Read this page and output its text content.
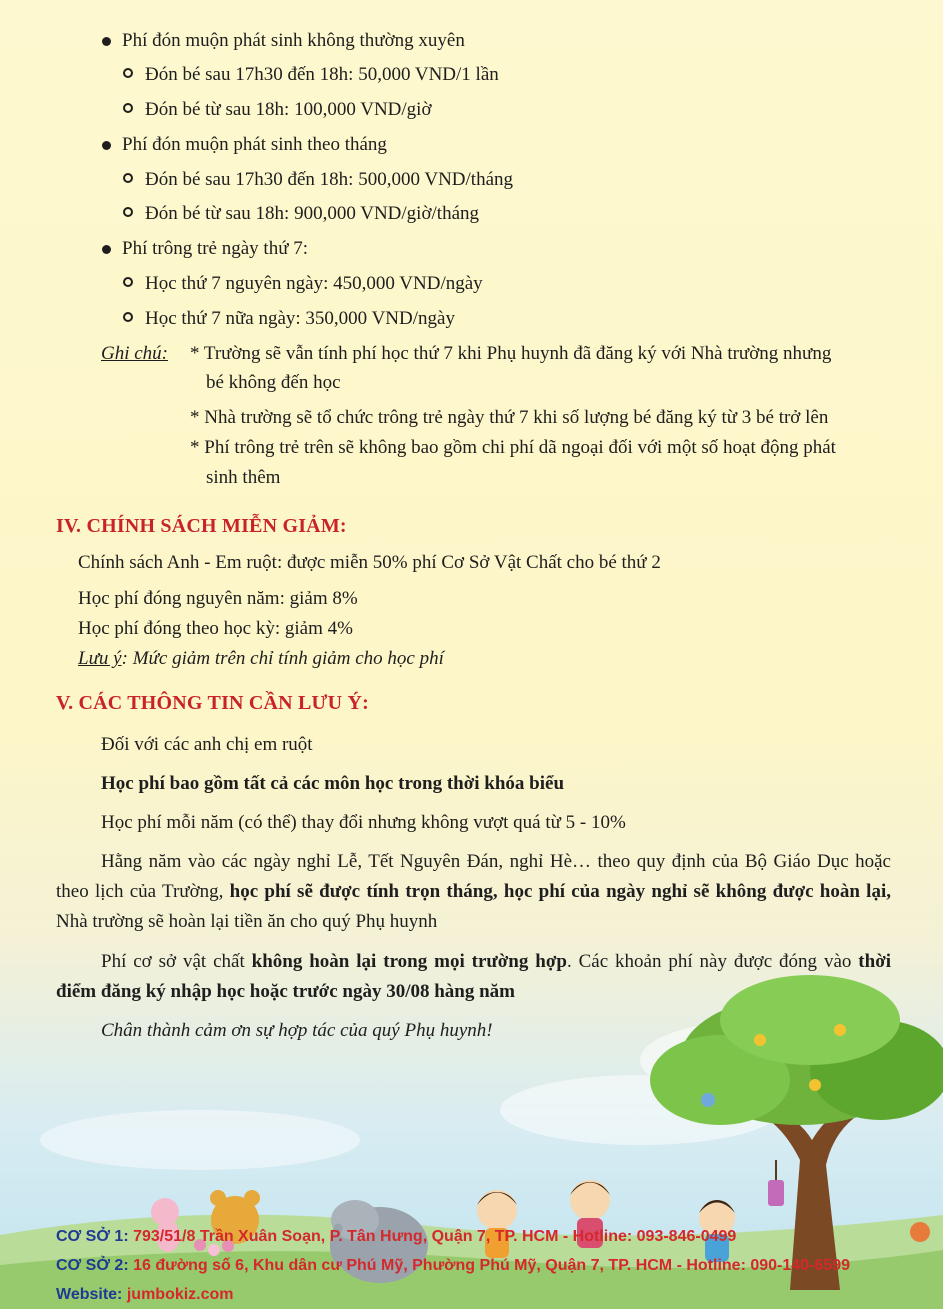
Phí đón muộn phát sinh không thường xuyên
Đón bé sau 17h30 đến 18h: 50,000 VND/1 lần
Đón bé từ sau 18h: 100,000 VND/giờ
Phí đón muộn phát sinh theo tháng
Đón bé sau 17h30 đến 18h: 500,000 VND/tháng
Đón bé từ sau 18h: 900,000 VND/giờ/tháng
Phí trông trẻ ngày thứ 7:
Học thứ 7 nguyên ngày: 450,000 VND/ngày
Học thứ 7 nữa ngày: 350,000 VND/ngày
Ghi chú: * Trường sẽ vẫn tính phí học thứ 7 khi Phụ huynh đã đăng ký với Nhà trường nhưng
bé không đến học
* Nhà trường sẽ tổ chức trông trẻ ngày thứ 7 khi số lượng bé đăng ký từ 3 bé trở lên
* Phí trông trẻ trên sẽ không bao gồm chi phí dã ngoại đối với một số hoạt động phát
sinh thêm
IV. CHÍNH SÁCH MIỄN GIẢM:
Chính sách Anh - Em ruột: được miễn 50% phí Cơ Sở Vật Chất cho bé thứ 2
Học phí đóng nguyên năm: giảm 8%
Học phí đóng theo học kỳ: giảm 4%
Lưu ý: Mức giảm trên chỉ tính giảm cho học phí
V. CÁC THÔNG TIN CẦN LƯU Ý:
Đối với các anh chị em ruột
Học phí bao gồm tất cả các môn học trong thời khóa biểu
Học phí mỗi năm (có thể) thay đổi nhưng không vượt quá từ 5 - 10%
Hằng năm vào các ngày nghỉ Lễ, Tết Nguyên Đán, nghỉ Hè… theo quy định của Bộ Giáo Dục hoặc theo lịch của Trường, học phí sẽ được tính trọn tháng, học phí của ngày nghỉ sẽ không được hoàn lại, Nhà trường sẽ hoàn lại tiền ăn cho quý Phụ huynh
Phí cơ sở vật chất không hoàn lại trong mọi trường hợp. Các khoản phí này được đóng vào thời điểm đăng ký nhập học hoặc trước ngày 30/08 hàng năm
Chân thành cảm ơn sự hợp tác của quý Phụ huynh!
CƠ SỞ 1: 793/51/8 Trần Xuân Soạn, P. Tân Hưng, Quận 7, TP. HCM - Hotline: 093-846-0499
CƠ SỞ 2: 16 đường số 6, Khu dân cư Phú Mỹ, Phường Phú Mỹ, Quận 7, TP. HCM - Hotline: 090-140-6599
Website: jumbokiz.com
